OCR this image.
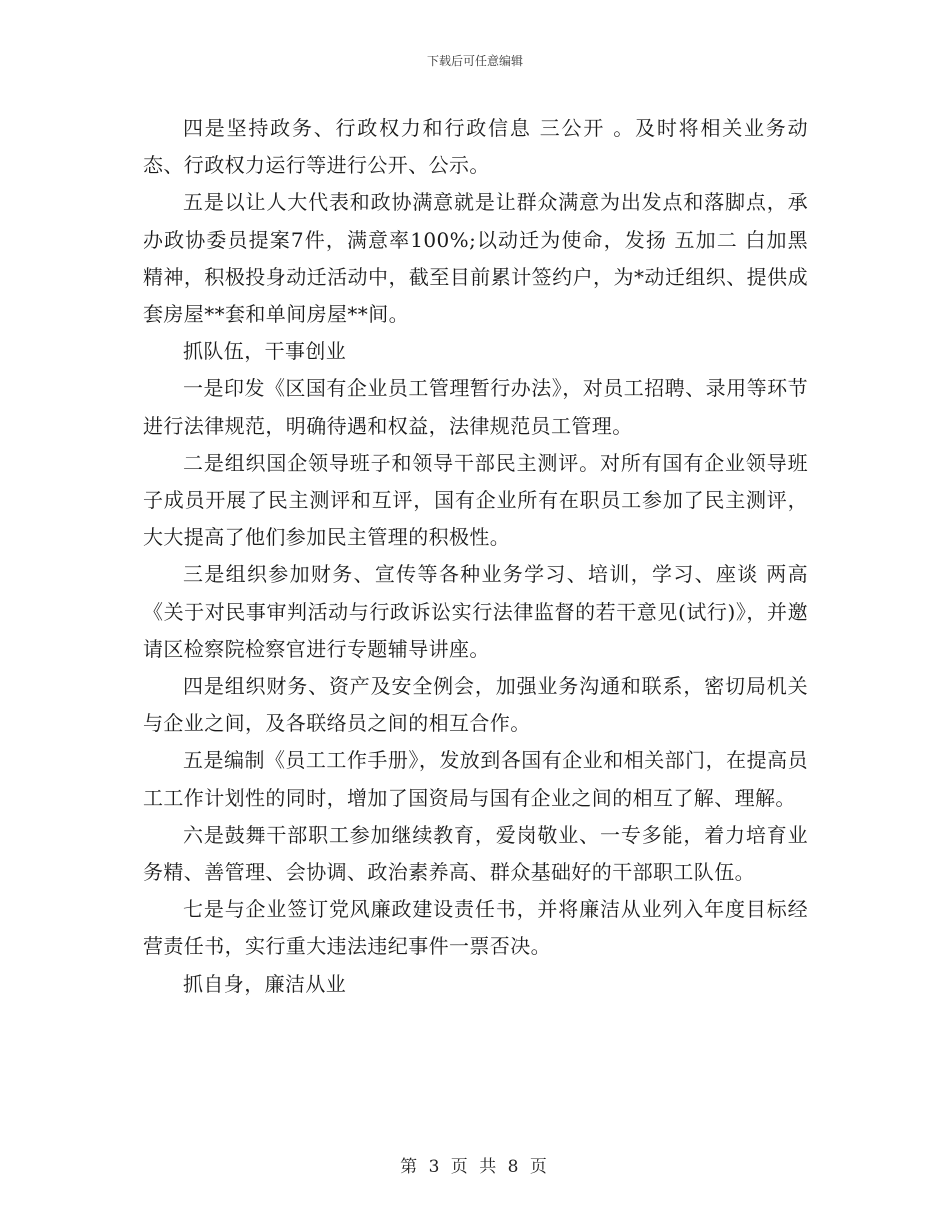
下载后可任意编辑

四是坚持政务、行政权力和行政信息 三公开 。及时将相关业务动态、行政权力运行等进行公开、公示。

五是以让人大代表和政协满意就是让群众满意为出发点和落脚点，承办政协委员提案7件，满意率100%;以动迁为使命，发扬 五加二 白加黑 精神，积极投身动迁活动中，截至目前累计签约户，为*动迁组织、提供成套房屋**套和单间房屋**间。

抓队伍，干事创业

一是印发《区国有企业员工管理暂行办法》，对员工招聘、录用等环节进行法律规范，明确待遇和权益，法律规范员工管理。

二是组织国企领导班子和领导干部民主测评。对所有国有企业领导班子成员开展了民主测评和互评，国有企业所有在职员工参加了民主测评，大大提高了他们参加民主管理的积极性。

三是组织参加财务、宣传等各种业务学习、培训，学习、座谈 两高 《关于对民事审判活动与行政诉讼实行法律监督的若干意见(试行)》，并邀请区检察院检察官进行专题辅导讲座。

四是组织财务、资产及安全例会，加强业务沟通和联系，密切局机关与企业之间，及各联络员之间的相互合作。

五是编制《员工工作手册》，发放到各国有企业和相关部门，在提高员工工作计划性的同时，增加了国资局与国有企业之间的相互了解、理解。

六是鼓舞干部职工参加继续教育，爱岗敬业、一专多能，着力培育业务精、善管理、会协调、政治素养高、群众基础好的干部职工队伍。

七是与企业签订党风廉政建设责任书，并将廉洁从业列入年度目标经营责任书，实行重大违法违纪事件一票否决。

抓自身，廉洁从业

第 3 页 共 8 页
